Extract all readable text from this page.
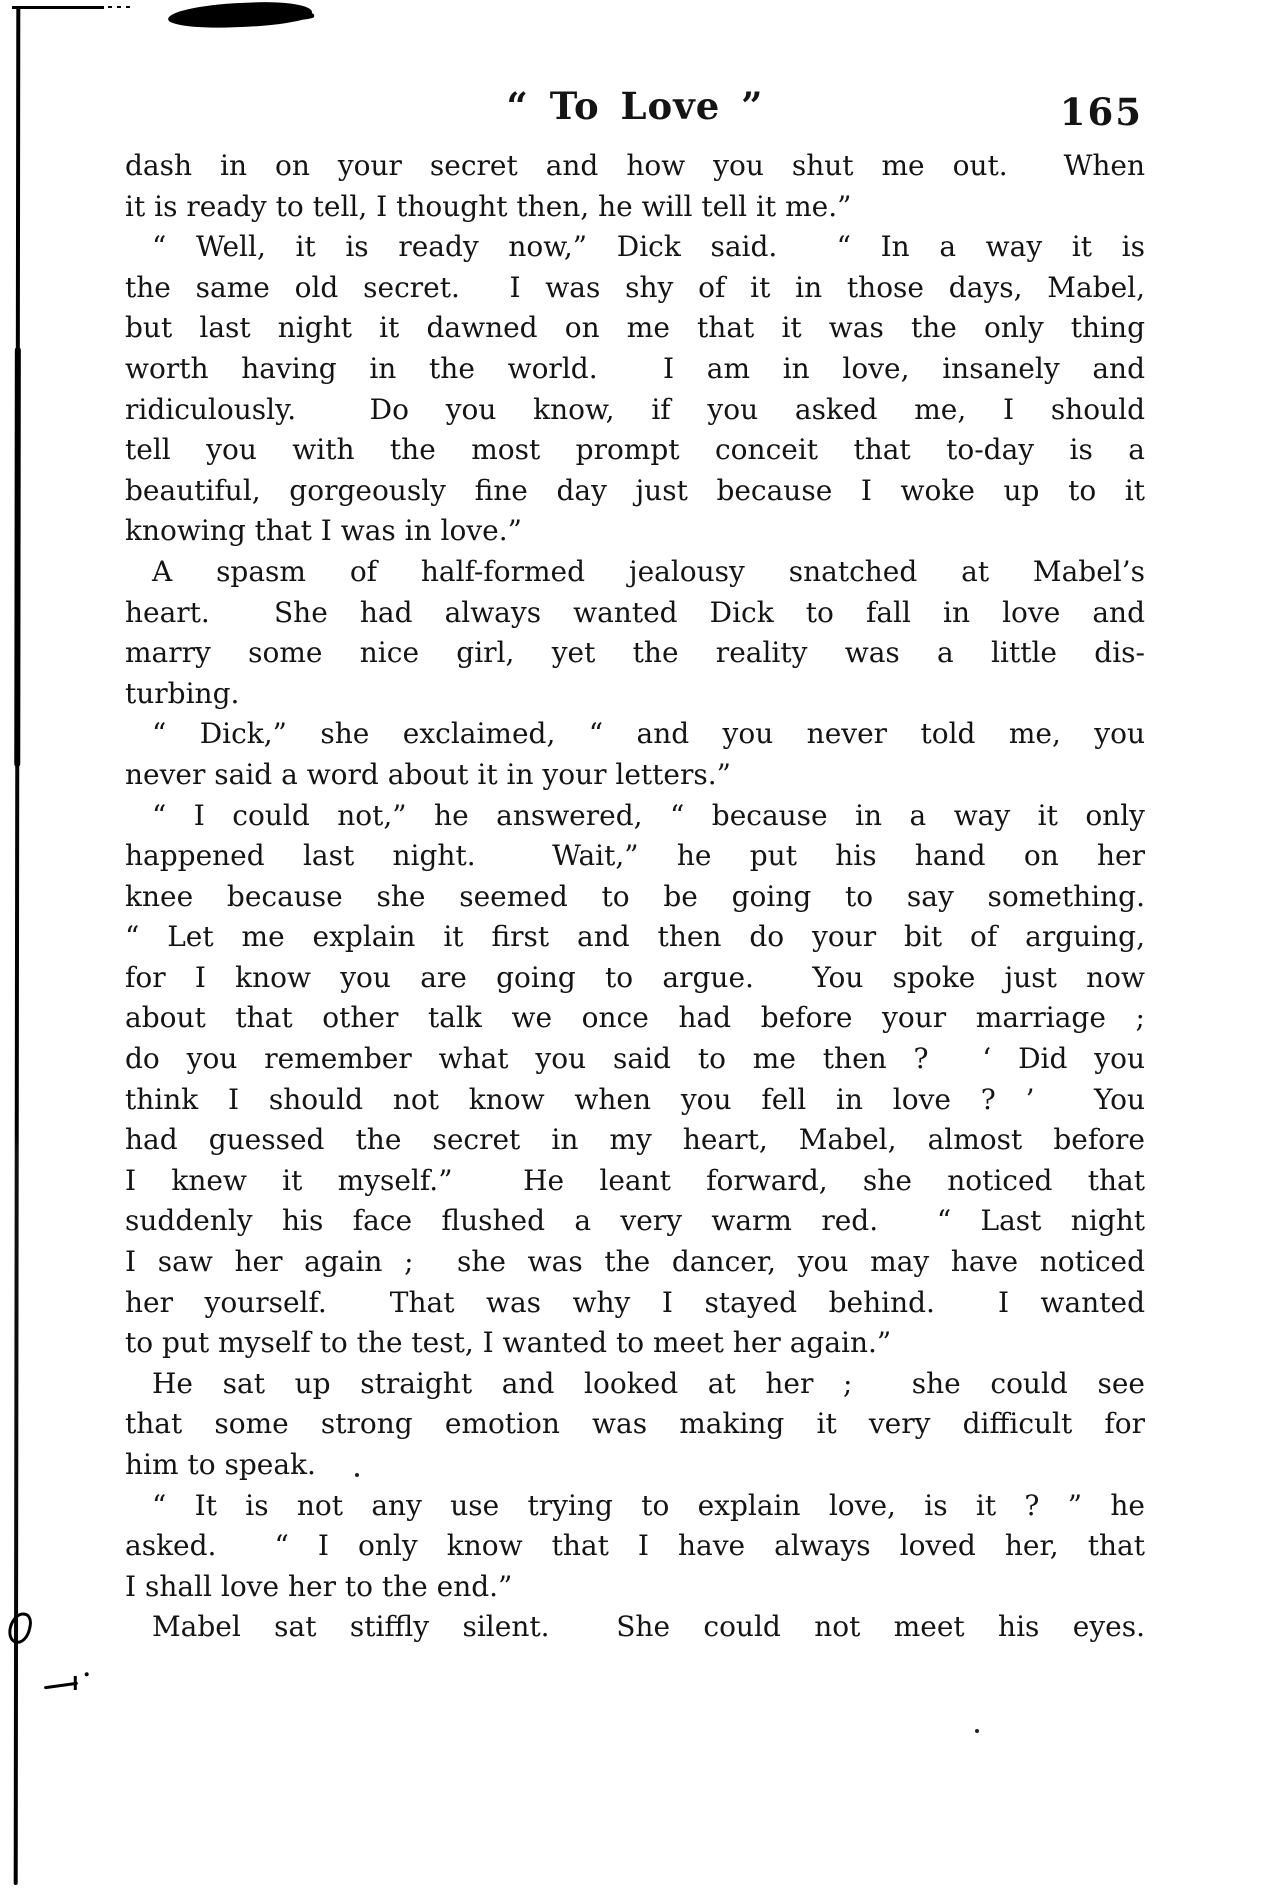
“ To Love ”	165
dash in on your secret and how you shut me out.  When
it is ready to tell, I thought then, he will tell it me.”
“ Well, it is ready now,” Dick said.  “ In a way it is
the same old secret.  I was shy of it in those days, Mabel,
but last night it dawned on me that it was the only thing
worth having in the world.  I am in love, insanely and
ridiculously.  Do you know, if you asked me, I should
tell you with the most prompt conceit that to-day is a
beautiful, gorgeously fine day just because I woke up to it
knowing that I was in love.”
A spasm of half-formed jealousy snatched at Mabel’s
heart.  She had always wanted Dick to fall in love and
marry some nice girl, yet the reality was a little dis-
turbing.
“ Dick,” she exclaimed, “ and you never told me, you
never said a word about it in your letters.”
“ I could not,” he answered, “ because in a way it only
happened last night.  Wait,” he put his hand on her
knee because she seemed to be going to say something.
“ Let me explain it first and then do your bit of arguing,
for I know you are going to argue.  You spoke just now
about that other talk we once had before your marriage ;
do you remember what you said to me then ?  ‘ Did you
think I should not know when you fell in love ? ’  You
had guessed the secret in my heart, Mabel, almost before
I knew it myself.”  He leant forward, she noticed that
suddenly his face flushed a very warm red.  “ Last night
I saw her again ;  she was the dancer, you may have noticed
her yourself.  That was why I stayed behind.  I wanted
to put myself to the test, I wanted to meet her again.”
He sat up straight and looked at her ;  she could see
that some strong emotion was making it very difficult for
him to speak.
“ It is not any use trying to explain love, is it ? ” he
asked.  “ I only know that I have always loved her, that
I shall love her to the end.”
Mabel sat stiffly silent.  She could not meet his eyes.
